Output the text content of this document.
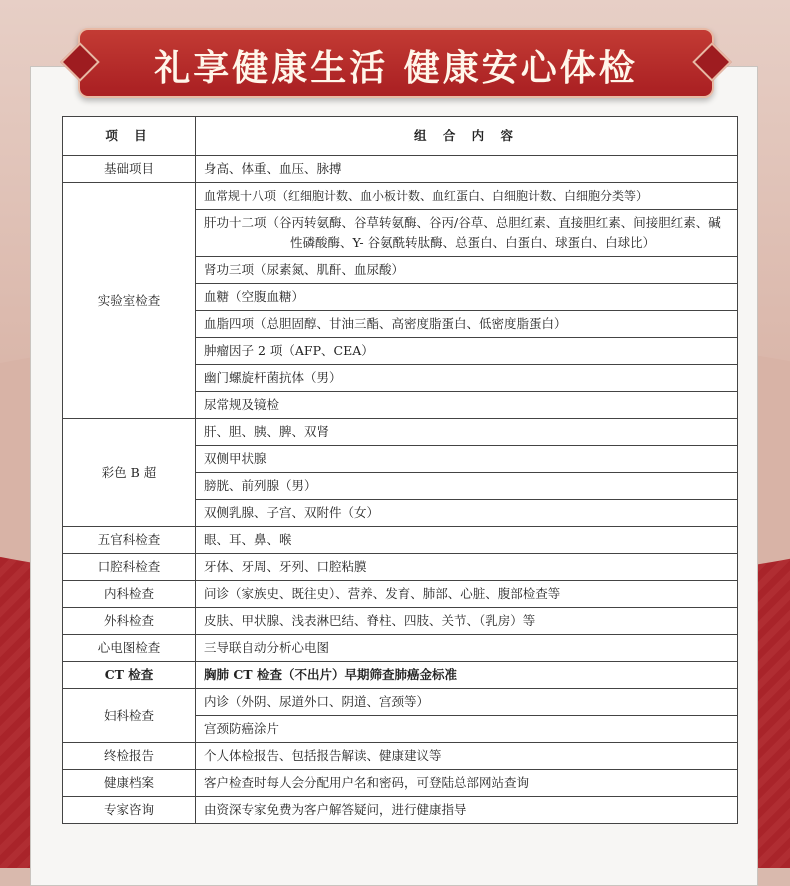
礼享健康生活 健康安心体检
项 目	组 合 内 容
基础项目	身高、体重、血压、脉搏
实验室检查	血常规十八项（红细胞计数、血小板计数、血红蛋白、白细胞计数、白细胞分类等）
	肝功十二项（谷丙转氨酶、谷草转氨酶、谷丙/谷草、总胆红素、直接胆红素、间接胆红素、碱性磷酸酶、Y- 谷氨酰转肽酶、总蛋白、白蛋白、球蛋白、白球比）
	肾功三项（尿素氮、肌酐、血尿酸）
	血糖（空腹血糖）
	血脂四项（总胆固醇、甘油三酯、高密度脂蛋白、低密度脂蛋白）
	肿瘤因子 2 项（AFP、CEA）
	幽门螺旋杆菌抗体（男）
	尿常规及镜检
彩色 B 超	肝、胆、胰、脾、双肾
	双侧甲状腺
	膀胱、前列腺（男）
	双侧乳腺、子宫、双附件（女）
五官科检查	眼、耳、鼻、喉
口腔科检查	牙体、牙周、牙列、口腔粘膜
内科检查	问诊（家族史、既往史）、营养、发育、肺部、心脏、腹部检查等
外科检查	皮肤、甲状腺、浅表淋巴结、脊柱、四肢、关节、（乳房）等
心电图检查	三导联自动分析心电图
CT 检查	胸肺 CT 检查（不出片）早期筛查肺癌金标准
妇科检查	内诊（外阴、尿道外口、阴道、宫颈等）
	宫颈防癌涂片
终检报告	个人体检报告、包括报告解读、健康建议等
健康档案	客户检查时每人会分配用户名和密码，可登陆总部网站查询
专家咨询	由资深专家免费为客户解答疑问，进行健康指导
